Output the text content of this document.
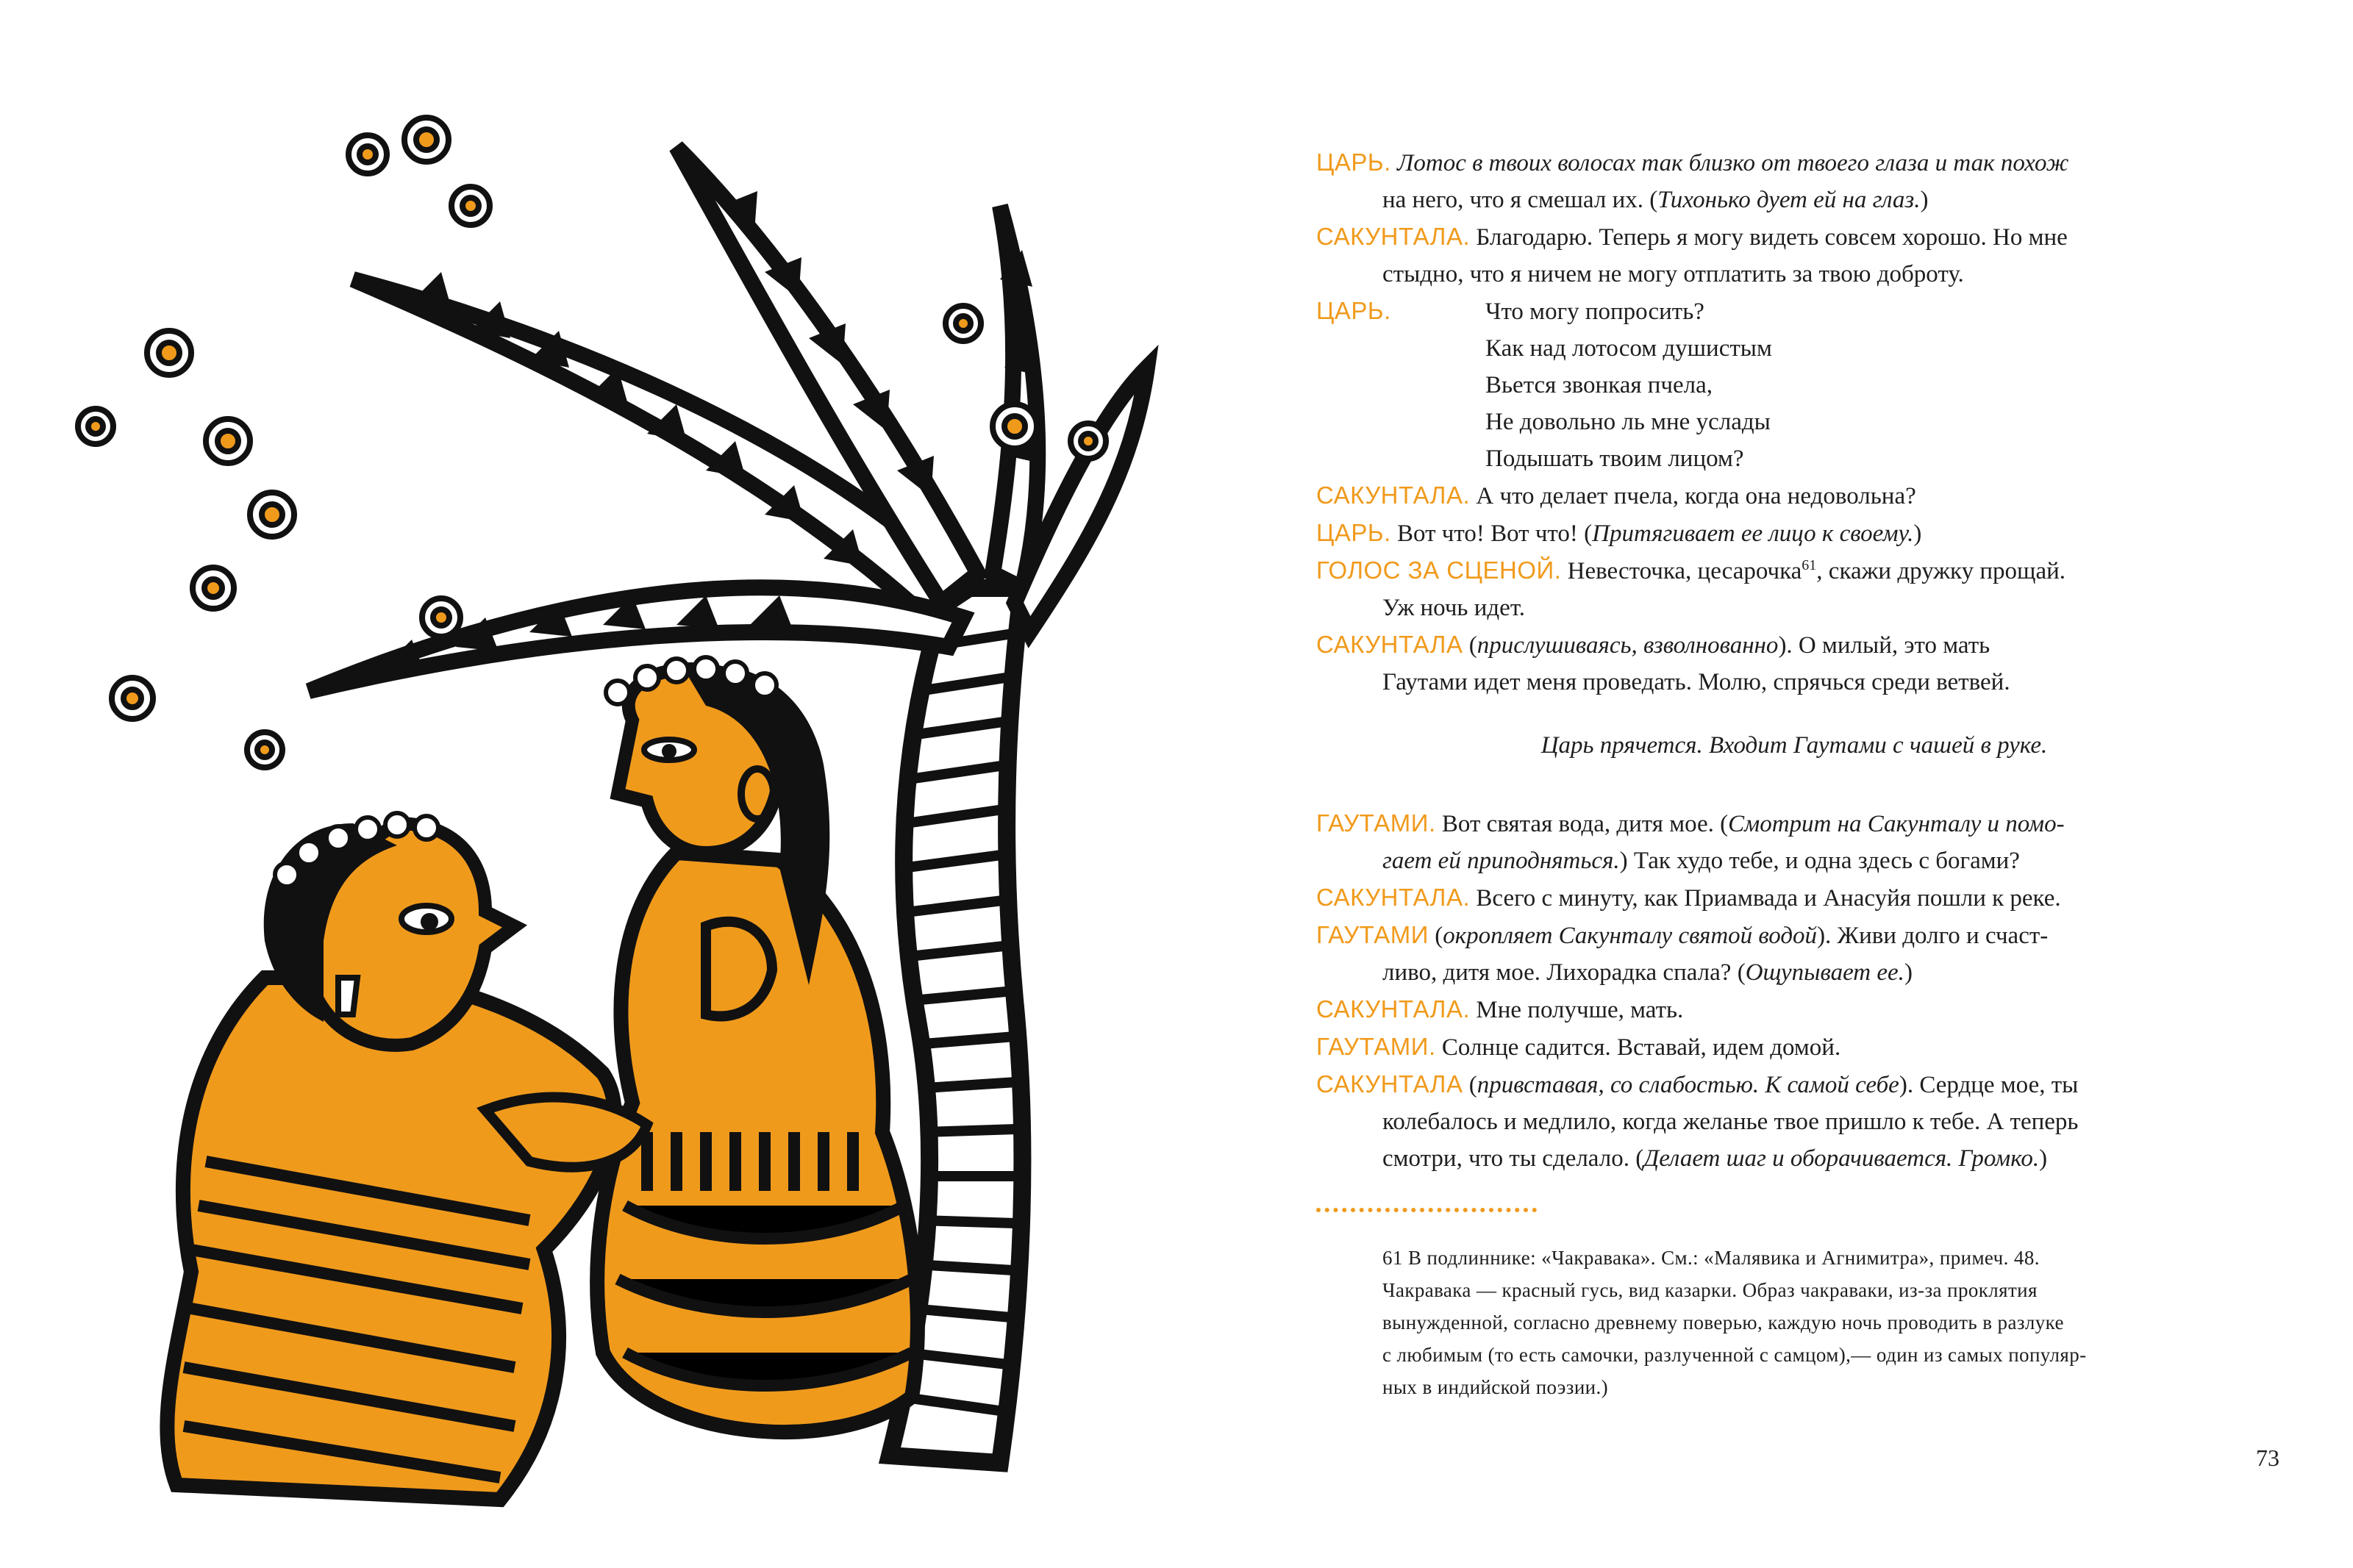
ЦАРЬ. Лотос в твоих волосах так близко от твоего глаза и так похож
на него, что я смешал их. (Тихонько дует ей на глаз.)
САКУНТАЛА. Благодарю. Теперь я могу видеть совсем хорошо. Но мне
стыдно, что я ничем не могу отплатить за твою доброту.
ЦАРЬ.	Что могу попросить?
Как над лотосом душистым
Вьется звонкая пчела,
Не довольно ль мне услады
Подышать твоим лицом?
САКУНТАЛА. А что делает пчела, когда она недовольна?
ЦАРЬ. Вот что! Вот что! (Притягивает ее лицо к своему.)
ГОЛОС ЗА СЦЕНОЙ. Невесточка, цесарочка$^{61}$, скажи дружку прощай.
Уж ночь идет.
САКУНТАЛА (прислушиваясь, взволнованно). О милый, это мать
Гаутами идет меня проведать. Молю, спрячься среди ветвей.
Царь прячется. Входит Гаутами с чашей в руке.
ГАУТАМИ. Вот святая вода, дитя мое. (Смотрит на Сакунталу и помо-
гает ей приподняться.) Так худо тебе, и одна здесь с богами?
САКУНТАЛА. Всего с минуту, как Приамвада и Анасуйя пошли к реке.
ГАУТАМИ (окропляет Сакунталу святой водой). Живи долго и счаст-
ливо, дитя мое. Лихорадка спала? (Ощупывает ее.)
САКУНТАЛА. Мне получше, мать.
ГАУТАМИ. Солнце садится. Вставай, идем домой.
САКУНТАЛА (привставая, со слабостью. К самой себе). Сердце мое, ты
колебалось и медлило, когда желанье твое пришло к тебе. А теперь
смотри, что ты сделало. (Делает шаг и оборачивается. Громко.)
61 В подлиннике: «Чакравака». См.: «Малявика и Агнимитра», примеч. 48.
Чакравака — красный гусь, вид казарки. Образ чакраваки, из-за проклятия
вынужденной, согласно древнему поверью, каждую ночь проводить в разлуке
с любимым (то есть самочки, разлученной с самцом),— один из самых популяр-
ных в индийской поэзии.)
73
